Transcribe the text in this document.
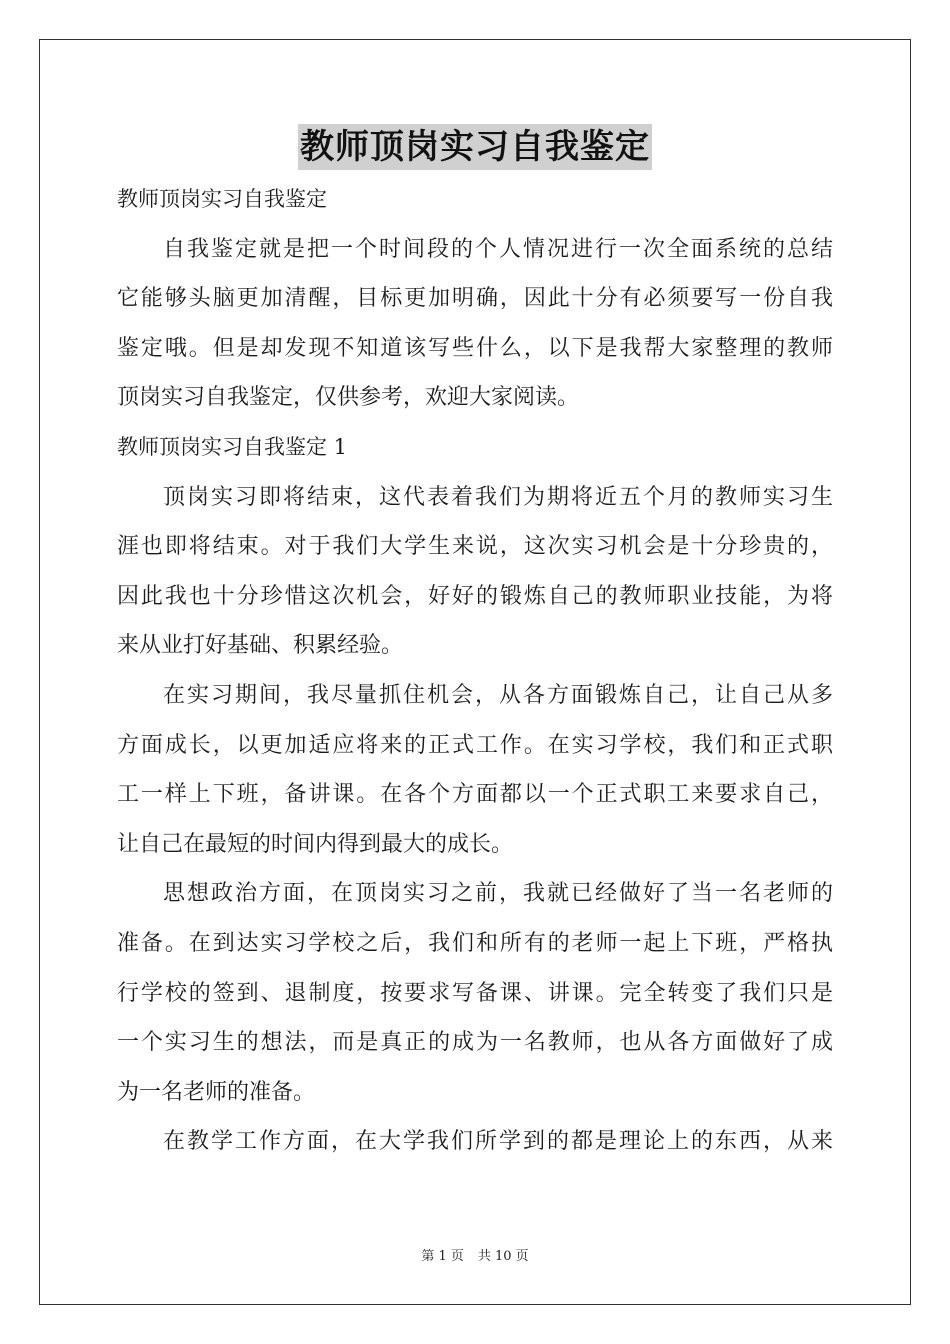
教师顶岗实习自我鉴定
教师顶岗实习自我鉴定
自我鉴定就是把一个时间段的个人情况进行一次全面系统的总结
它能够头脑更加清醒，目标更加明确，因此十分有必须要写一份自我
鉴定哦。但是却发现不知道该写些什么，以下是我帮大家整理的教师
顶岗实习自我鉴定，仅供参考，欢迎大家阅读。
教师顶岗实习自我鉴定 1
顶岗实习即将结束，这代表着我们为期将近五个月的教师实习生
涯也即将结束。对于我们大学生来说，这次实习机会是十分珍贵的，
因此我也十分珍惜这次机会，好好的锻炼自己的教师职业技能，为将
来从业打好基础、积累经验。
在实习期间，我尽量抓住机会，从各方面锻炼自己，让自己从多
方面成长，以更加适应将来的正式工作。在实习学校，我们和正式职
工一样上下班，备讲课。在各个方面都以一个正式职工来要求自己，
让自己在最短的时间内得到最大的成长。
思想政治方面，在顶岗实习之前，我就已经做好了当一名老师的
准备。在到达实习学校之后，我们和所有的老师一起上下班，严格执
行学校的签到、退制度，按要求写备课、讲课。完全转变了我们只是
一个实习生的想法，而是真正的成为一名教师，也从各方面做好了成
为一名老师的准备。
在教学工作方面，在大学我们所学到的都是理论上的东西，从来
第 1 页 共 10 页
